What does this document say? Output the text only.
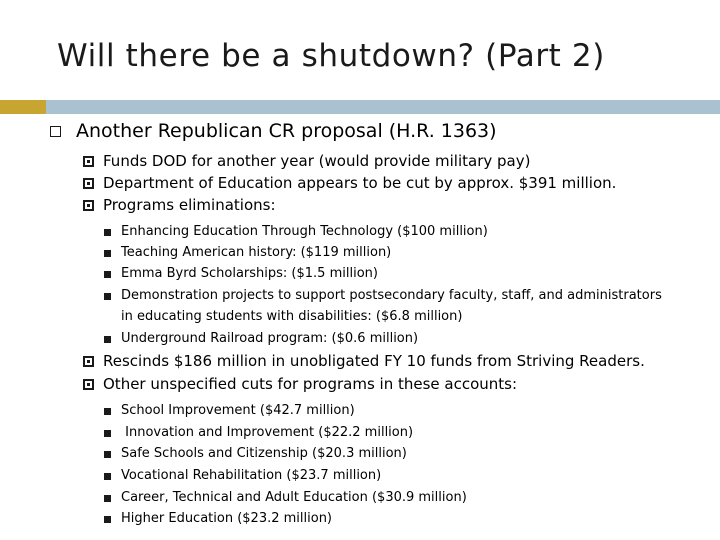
Will there be a shutdown? (Part 2)
Another Republican CR proposal (H.R. 1363)
Funds DOD for another year (would provide military pay)
Department of Education appears to be cut by approx. $391 million.
Programs eliminations:
Enhancing Education Through Technology ($100 million)
Teaching American history: ($119 million)
Emma Byrd Scholarships: ($1.5 million)
Demonstration projects to support postsecondary faculty, staff, and administrators
in educating students with disabilities: ($6.8 million)
Underground Railroad program: ($0.6 million)
Rescinds $186 million in unobligated FY 10 funds from Striving Readers.
Other unspecified cuts for programs in these accounts:
School Improvement ($42.7 million)
Innovation and Improvement ($22.2 million)
Safe Schools and Citizenship ($20.3 million)
Vocational Rehabilitation ($23.7 million)
Career, Technical and Adult Education ($30.9 million)
Higher Education ($23.2 million)
